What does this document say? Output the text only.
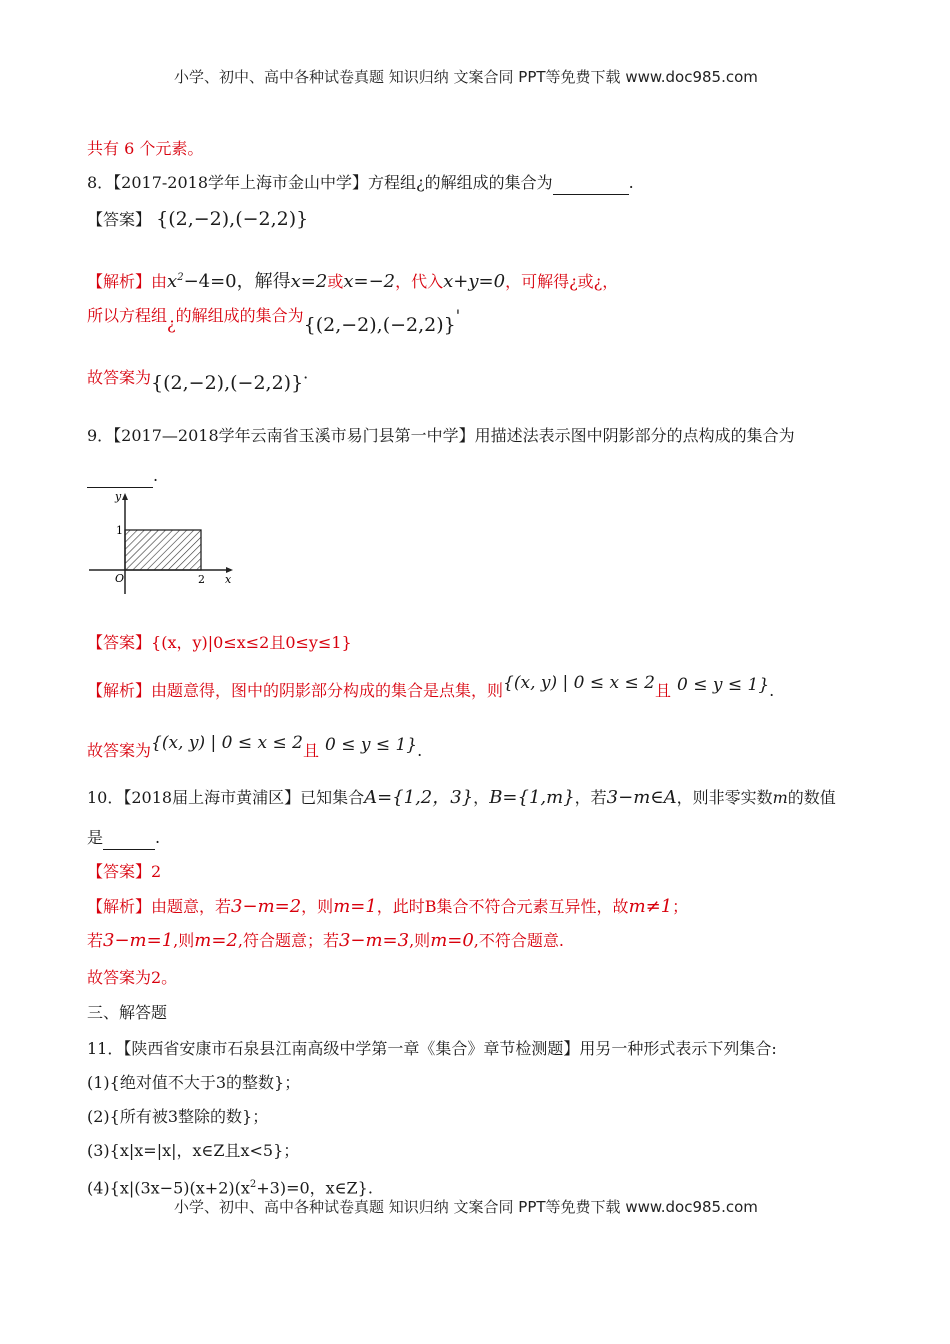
小学、初中、高中各种试卷真题 知识归纳 文案合同 PPT等免费下载 www.doc985.com
共有 6 个元素。
8．【2017-2018学年上海市金山中学】方程组¿的解组成的集合为	.
【答案】 {(2,−2),(−2,2)}
【解析】由$x^2-4=0$，解得x=2或x=−2，代入x+y=0，可解得¿或¿，
所以方程组¿的解组成的集合为{(2,−2),(−2,2)}'
故答案为{(2,−2),(−2,2)}·
9．【2017—2018学年云南省玉溪市易门县第一中学】用描述法表示图中阴影部分的点构成的集合为
.
y
x
O
1
2
【答案】{(x，y)|0≤x≤2且0≤y≤1}
【解析】由题意得，图中的阴影部分构成的集合是点集，则{(x, y) | 0 ≤ x ≤ 2且 0 ≤ y ≤ 1}.
故答案为{(x, y) | 0 ≤ x ≤ 2且 0 ≤ y ≤ 1}.
10．【2018届上海市黄浦区】已知集合A={1,2，3}，B={1,m}，若3−m∈A，则非零实数m的数值
是	.
【答案】2
【解析】由题意，若3−m=2，则m=1，此时B集合不符合元素互异性，故m≠1；
若3−m=1,则m=2,符合题意；若3−m=3,则m=0,不符合题意.
故答案为2。
三、解答题
11．【陕西省安康市石泉县江南高级中学第一章《集合》章节检测题】用另一种形式表示下列集合:
(1){绝对值不大于3的整数}；
(2){所有被3整除的数}；
(3){x|x=|x|，x∈Z且x<5}；
$(4)\{x|(3x-5)(x+2)(x^2+3)=0$，x∈Z}.
小学、初中、高中各种试卷真题 知识归纳 文案合同 PPT等免费下载 www.doc985.com
